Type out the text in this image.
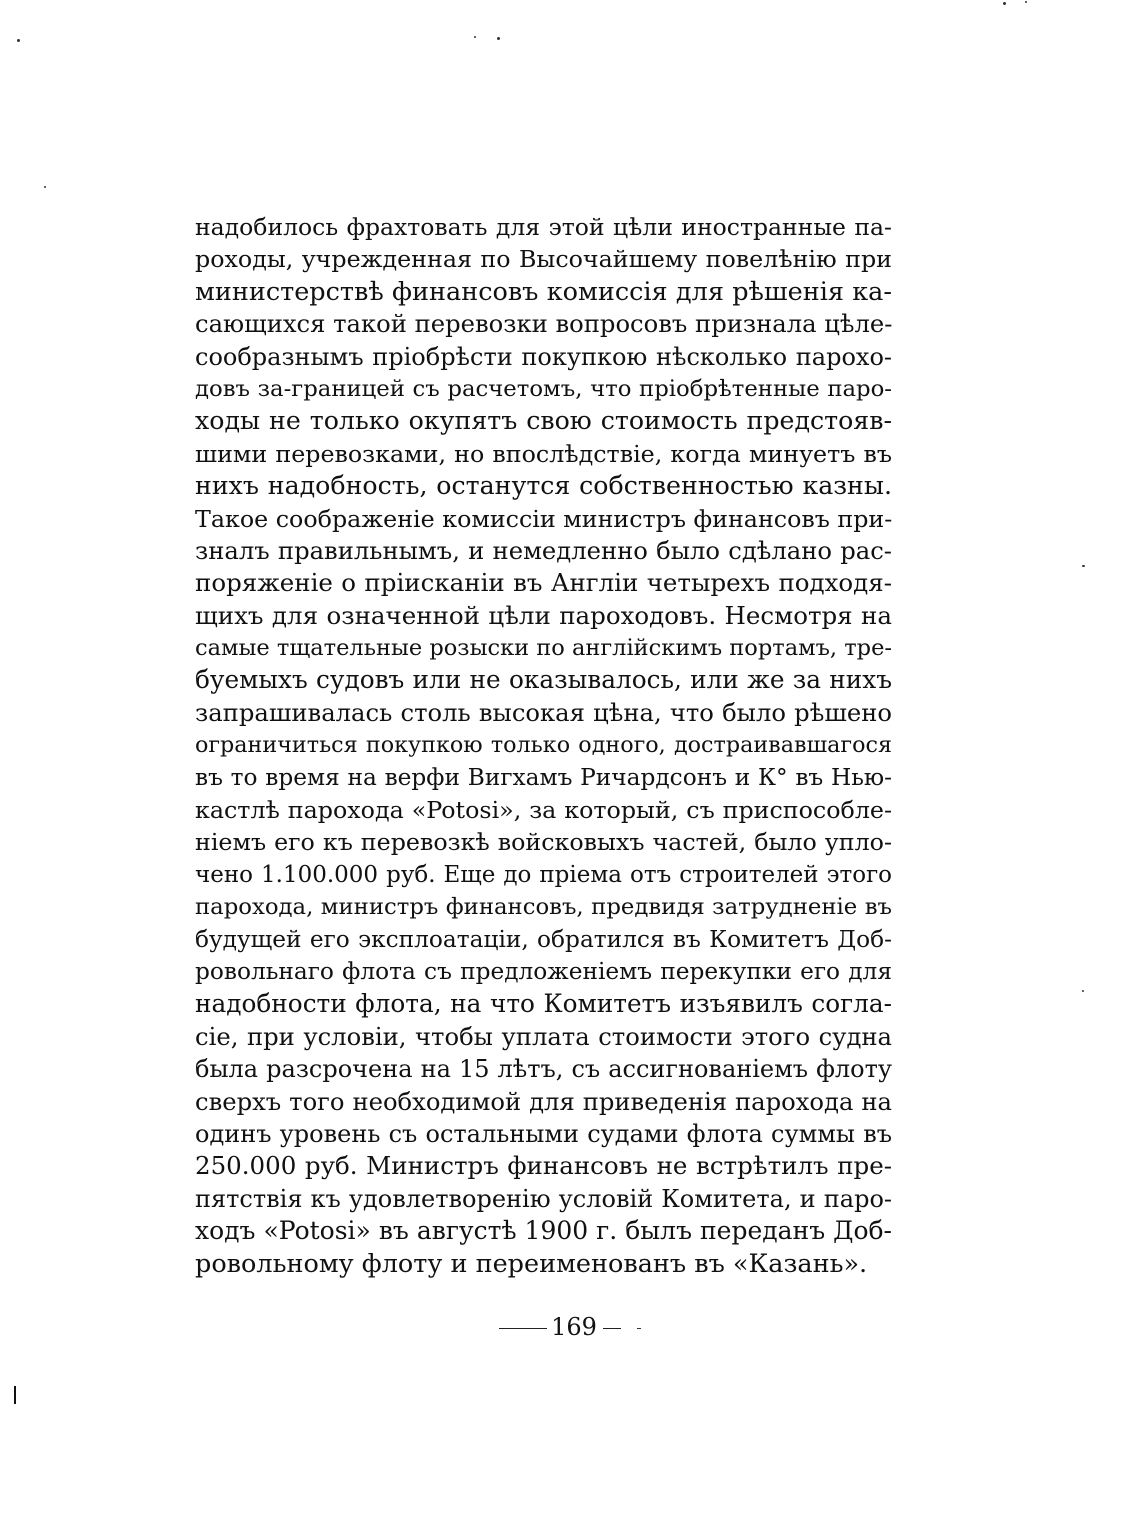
надобилось фрахтовать для этой цѣли иностранные па-
роходы, учрежденная по Высочайшему повелѣнію при
министерствѣ финансовъ комиссія для рѣшенія ка-
сающихся такой перевозки вопросовъ признала цѣле-
сообразнымъ пріобрѣсти покупкою нѣсколько парохо-
довъ за-границей съ расчетомъ, что пріобрѣтенные паро-
ходы не только окупятъ свою стоимость предстояв-
шими перевозками, но впослѣдствіе, когда минуетъ въ
нихъ надобность, останутся собственностью казны.
Такое соображеніе комиссіи министръ финансовъ при-
зналъ правильнымъ, и немедленно было сдѣлано рас-
поряженіе о пріисканіи въ Англіи четырехъ подходя-
щихъ для означенной цѣли пароходовъ. Несмотря на
самые тщательные розыски по англійскимъ портамъ, тре-
буемыхъ судовъ или не оказывалось, или же за нихъ
запрашивалась столь высокая цѣна, что было рѣшено
ограничиться покупкою только одного, достраивавшагося
въ то время на верфи Вигхамъ Ричардсонъ и К° въ Нью-
кастлѣ парохода «Potosi», за который, съ приспособле-
ніемъ его къ перевозкѣ войсковыхъ частей, было упло-
чено 1.100.000 руб. Еще до пріема отъ строителей этого
парохода, министръ финансовъ, предвидя затрудненіе въ
будущей его эксплоатаціи, обратился въ Комитетъ Доб-
ровольнаго флота съ предложеніемъ перекупки его для
надобности флота, на что Комитетъ изъявилъ согла-
сіе, при условіи, чтобы уплата стоимости этого судна
была разсрочена на 15 лѣтъ, съ ассигнованіемъ флоту
сверхъ того необходимой для приведенія парохода на
одинъ уровень съ остальными судами флота суммы въ
250.000 руб. Министръ финансовъ не встрѣтилъ пре-
пятствія къ удовлетворенію условій Комитета, и паро-
ходъ «Potosi» въ августѣ 1900 г. былъ переданъ Доб-
ровольному флоту и переименованъ въ «Казань».
169
